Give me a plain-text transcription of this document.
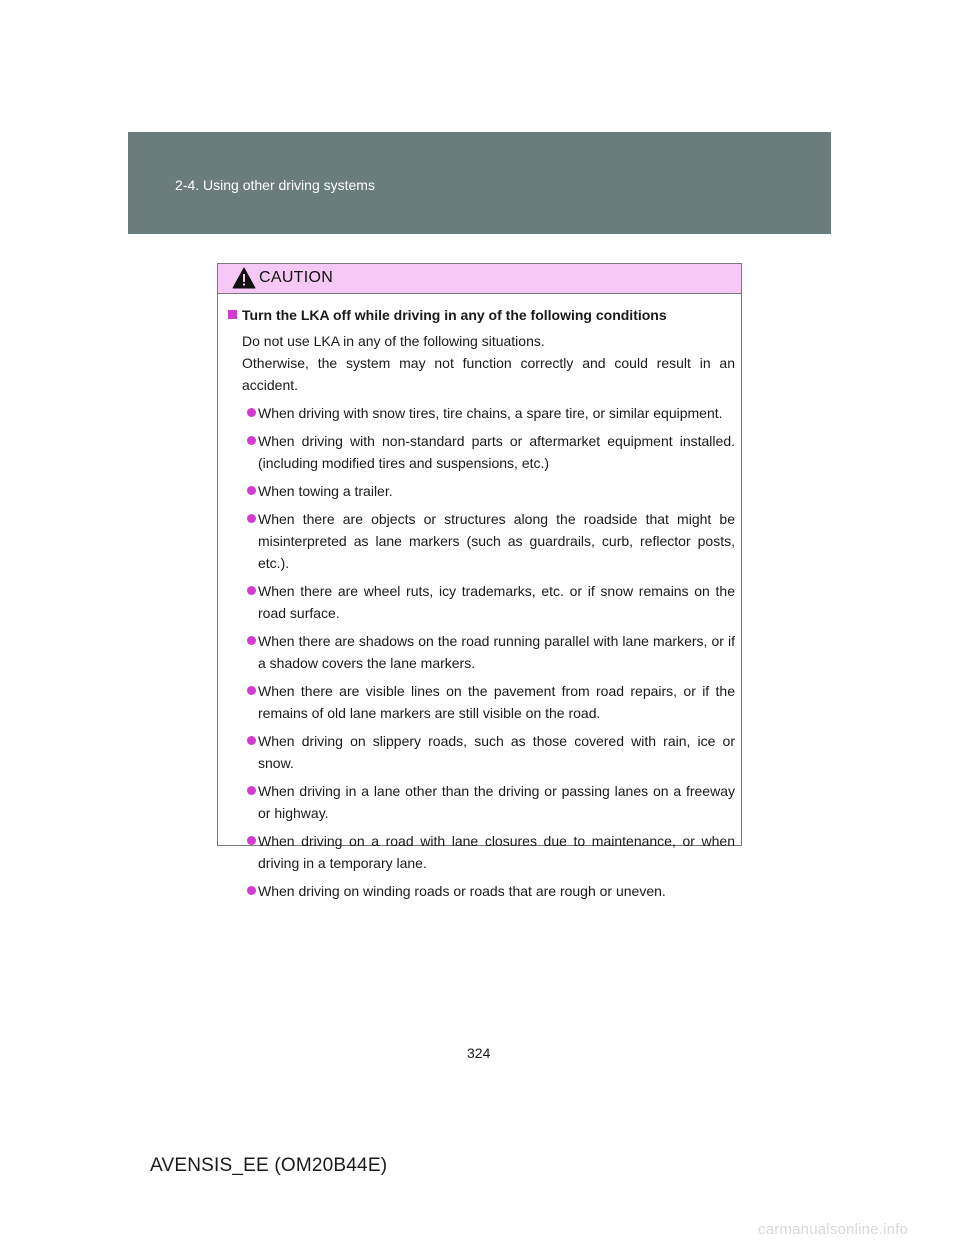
2-4. Using other driving systems
CAUTION
Turn the LKA off while driving in any of the following conditions
Do not use LKA in any of the following situations.
Otherwise, the system may not function correctly and could result in an accident.
When driving with snow tires, tire chains, a spare tire, or similar equipment.
When driving with non-standard parts or aftermarket equipment installed. (including modified tires and suspensions, etc.)
When towing a trailer.
When there are objects or structures along the roadside that might be misinterpreted as lane markers (such as guardrails, curb, reflector posts, etc.).
When there are wheel ruts, icy trademarks, etc. or if snow remains on the road surface.
When there are shadows on the road running parallel with lane markers, or if a shadow covers the lane markers.
When there are visible lines on the pavement from road repairs, or if the remains of old lane markers are still visible on the road.
When driving on slippery roads, such as those covered with rain, ice or snow.
When driving in a lane other than the driving or passing lanes on a freeway or highway.
When driving on a road with lane closures due to maintenance, or when driving in a temporary lane.
When driving on winding roads or roads that are rough or uneven.
324
AVENSIS_EE (OM20B44E)
carmanualsonline.info
